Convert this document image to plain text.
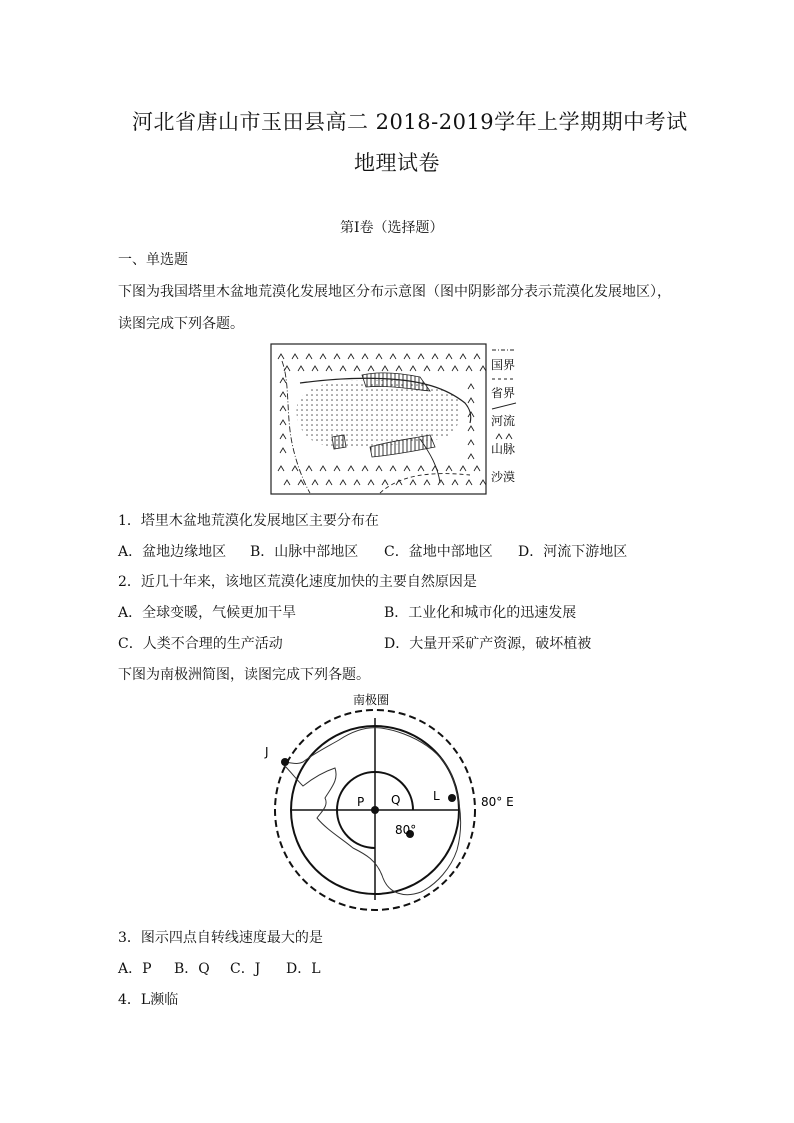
河北省唐山市玉田县高二 2018-2019学年上学期期中考试
地理试卷
第Ⅰ卷（选择题）
一、单选题
下图为我国塔里木盆地荒漠化发展地区分布示意图（图中阴影部分表示荒漠化发展地区），
读图完成下列各题。
国界
省界
河流
山脉
沙漠
1．塔里木盆地荒漠化发展地区主要分布在
A．盆地边缘地区 B．山脉中部地区 C．盆地中部地区 D．河流下游地区
2．近几十年来，该地区荒漠化速度加快的主要自然原因是
A．全球变暖，气候更加干旱	B．工业化和城市化的迅速发展
C．人类不合理的生产活动	D．大量开采矿产资源，破坏植被
下图为南极洲简图，读图完成下列各题。
南极圈
J
P Q	L
80°
80° E
3．图示四点自转线速度最大的是
A．P B．Q C．J D．L
4．L濒临
